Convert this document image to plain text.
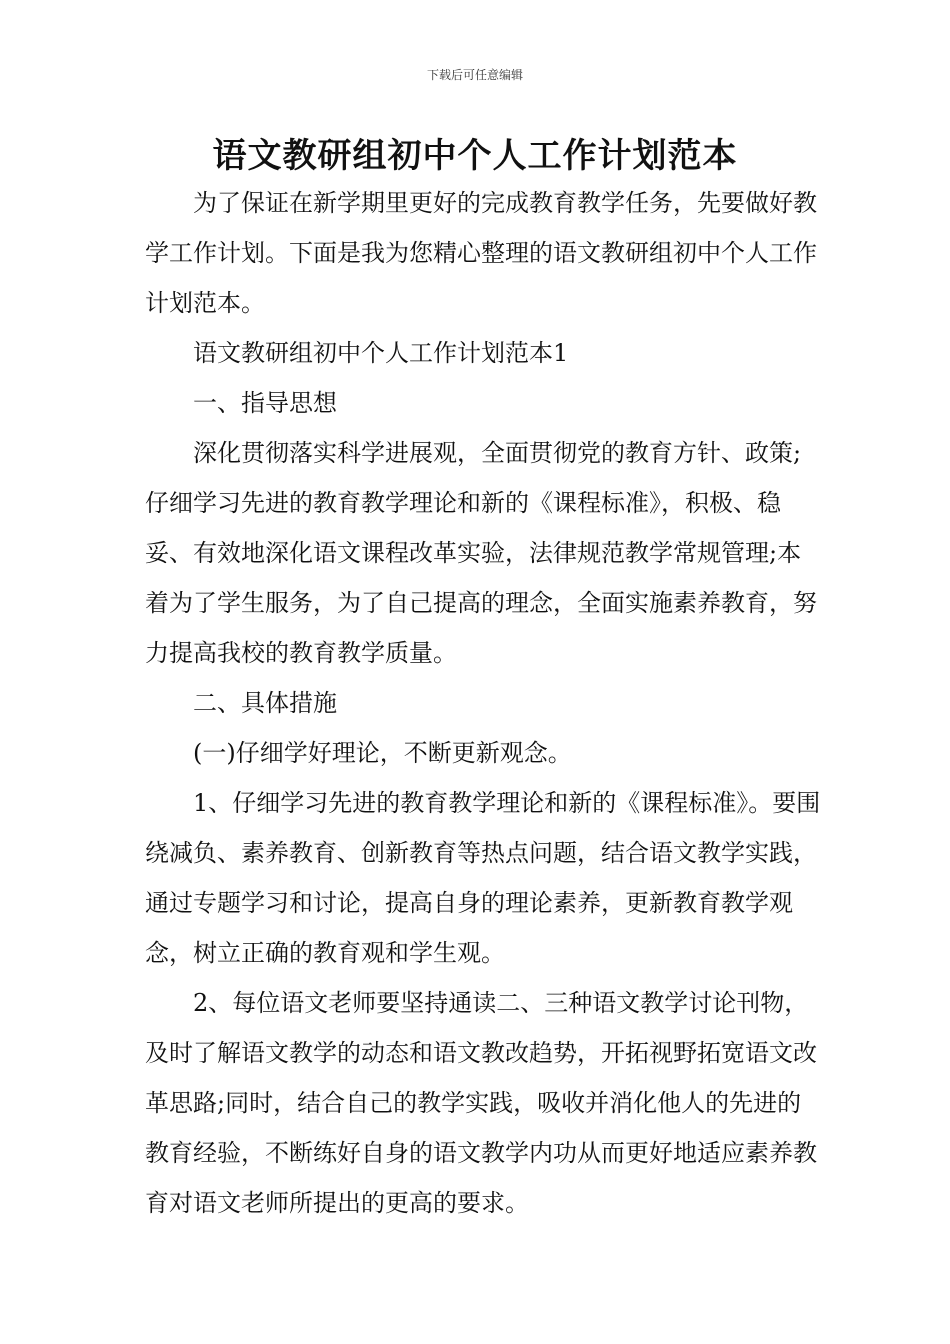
下载后可任意编辑
语文教研组初中个人工作计划范本

为了保证在新学期里更好的完成教育教学任务，先要做好教学工作计划。下面是我为您精心整理的语文教研组初中个人工作计划范本。

语文教研组初中个人工作计划范本1

一、指导思想

深化贯彻落实科学进展观，全面贯彻党的教育方针、政策;仔细学习先进的教育教学理论和新的《课程标准》，积极、稳妥、有效地深化语文课程改革实验，法律规范教学常规管理;本着为了学生服务，为了自己提高的理念，全面实施素养教育，努力提高我校的教育教学质量。

二、具体措施

(一)仔细学好理论，不断更新观念。

1、仔细学习先进的教育教学理论和新的《课程标准》。要围绕减负、素养教育、创新教育等热点问题，结合语文教学实践，通过专题学习和讨论，提高自身的理论素养，更新教育教学观念，树立正确的教育观和学生观。

2、每位语文老师要坚持通读二、三种语文教学讨论刊物，及时了解语文教学的动态和语文教改趋势，开拓视野拓宽语文改革思路;同时，结合自己的教学实践，吸收并消化他人的先进的教育经验，不断练好自身的语文教学内功从而更好地适应素养教育对语文老师所提出的更高的要求。
